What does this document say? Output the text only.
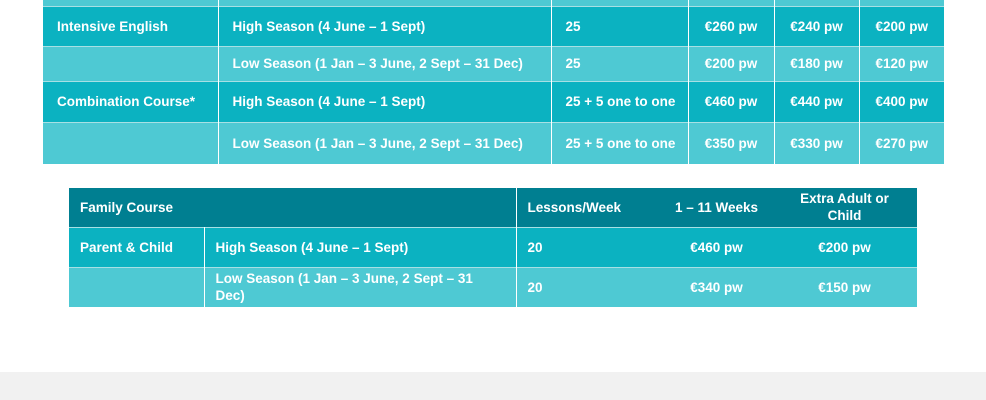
Intensive English	High Season (4 June – 1 Sept)	25	€260 pw	€240 pw	€200 pw
	Low Season (1 Jan – 3 June, 2 Sept – 31 Dec)	25	€200 pw	€180 pw	€120 pw
Combination Course*	High Season (4 June – 1 Sept)	25 + 5 one to one	€460 pw	€440 pw	€400 pw
	Low Season (1 Jan – 3 June, 2 Sept – 31 Dec)	25 + 5 one to one	€350 pw	€330 pw	€270 pw
Family Course		Lessons/Week	1 – 11 Weeks	Extra Adult or Child
Parent & Child	High Season (4 June – 1 Sept)	20	€460 pw	€200 pw
	Low Season (1 Jan – 3 June, 2 Sept – 31 Dec)	20	€340 pw	€150 pw
